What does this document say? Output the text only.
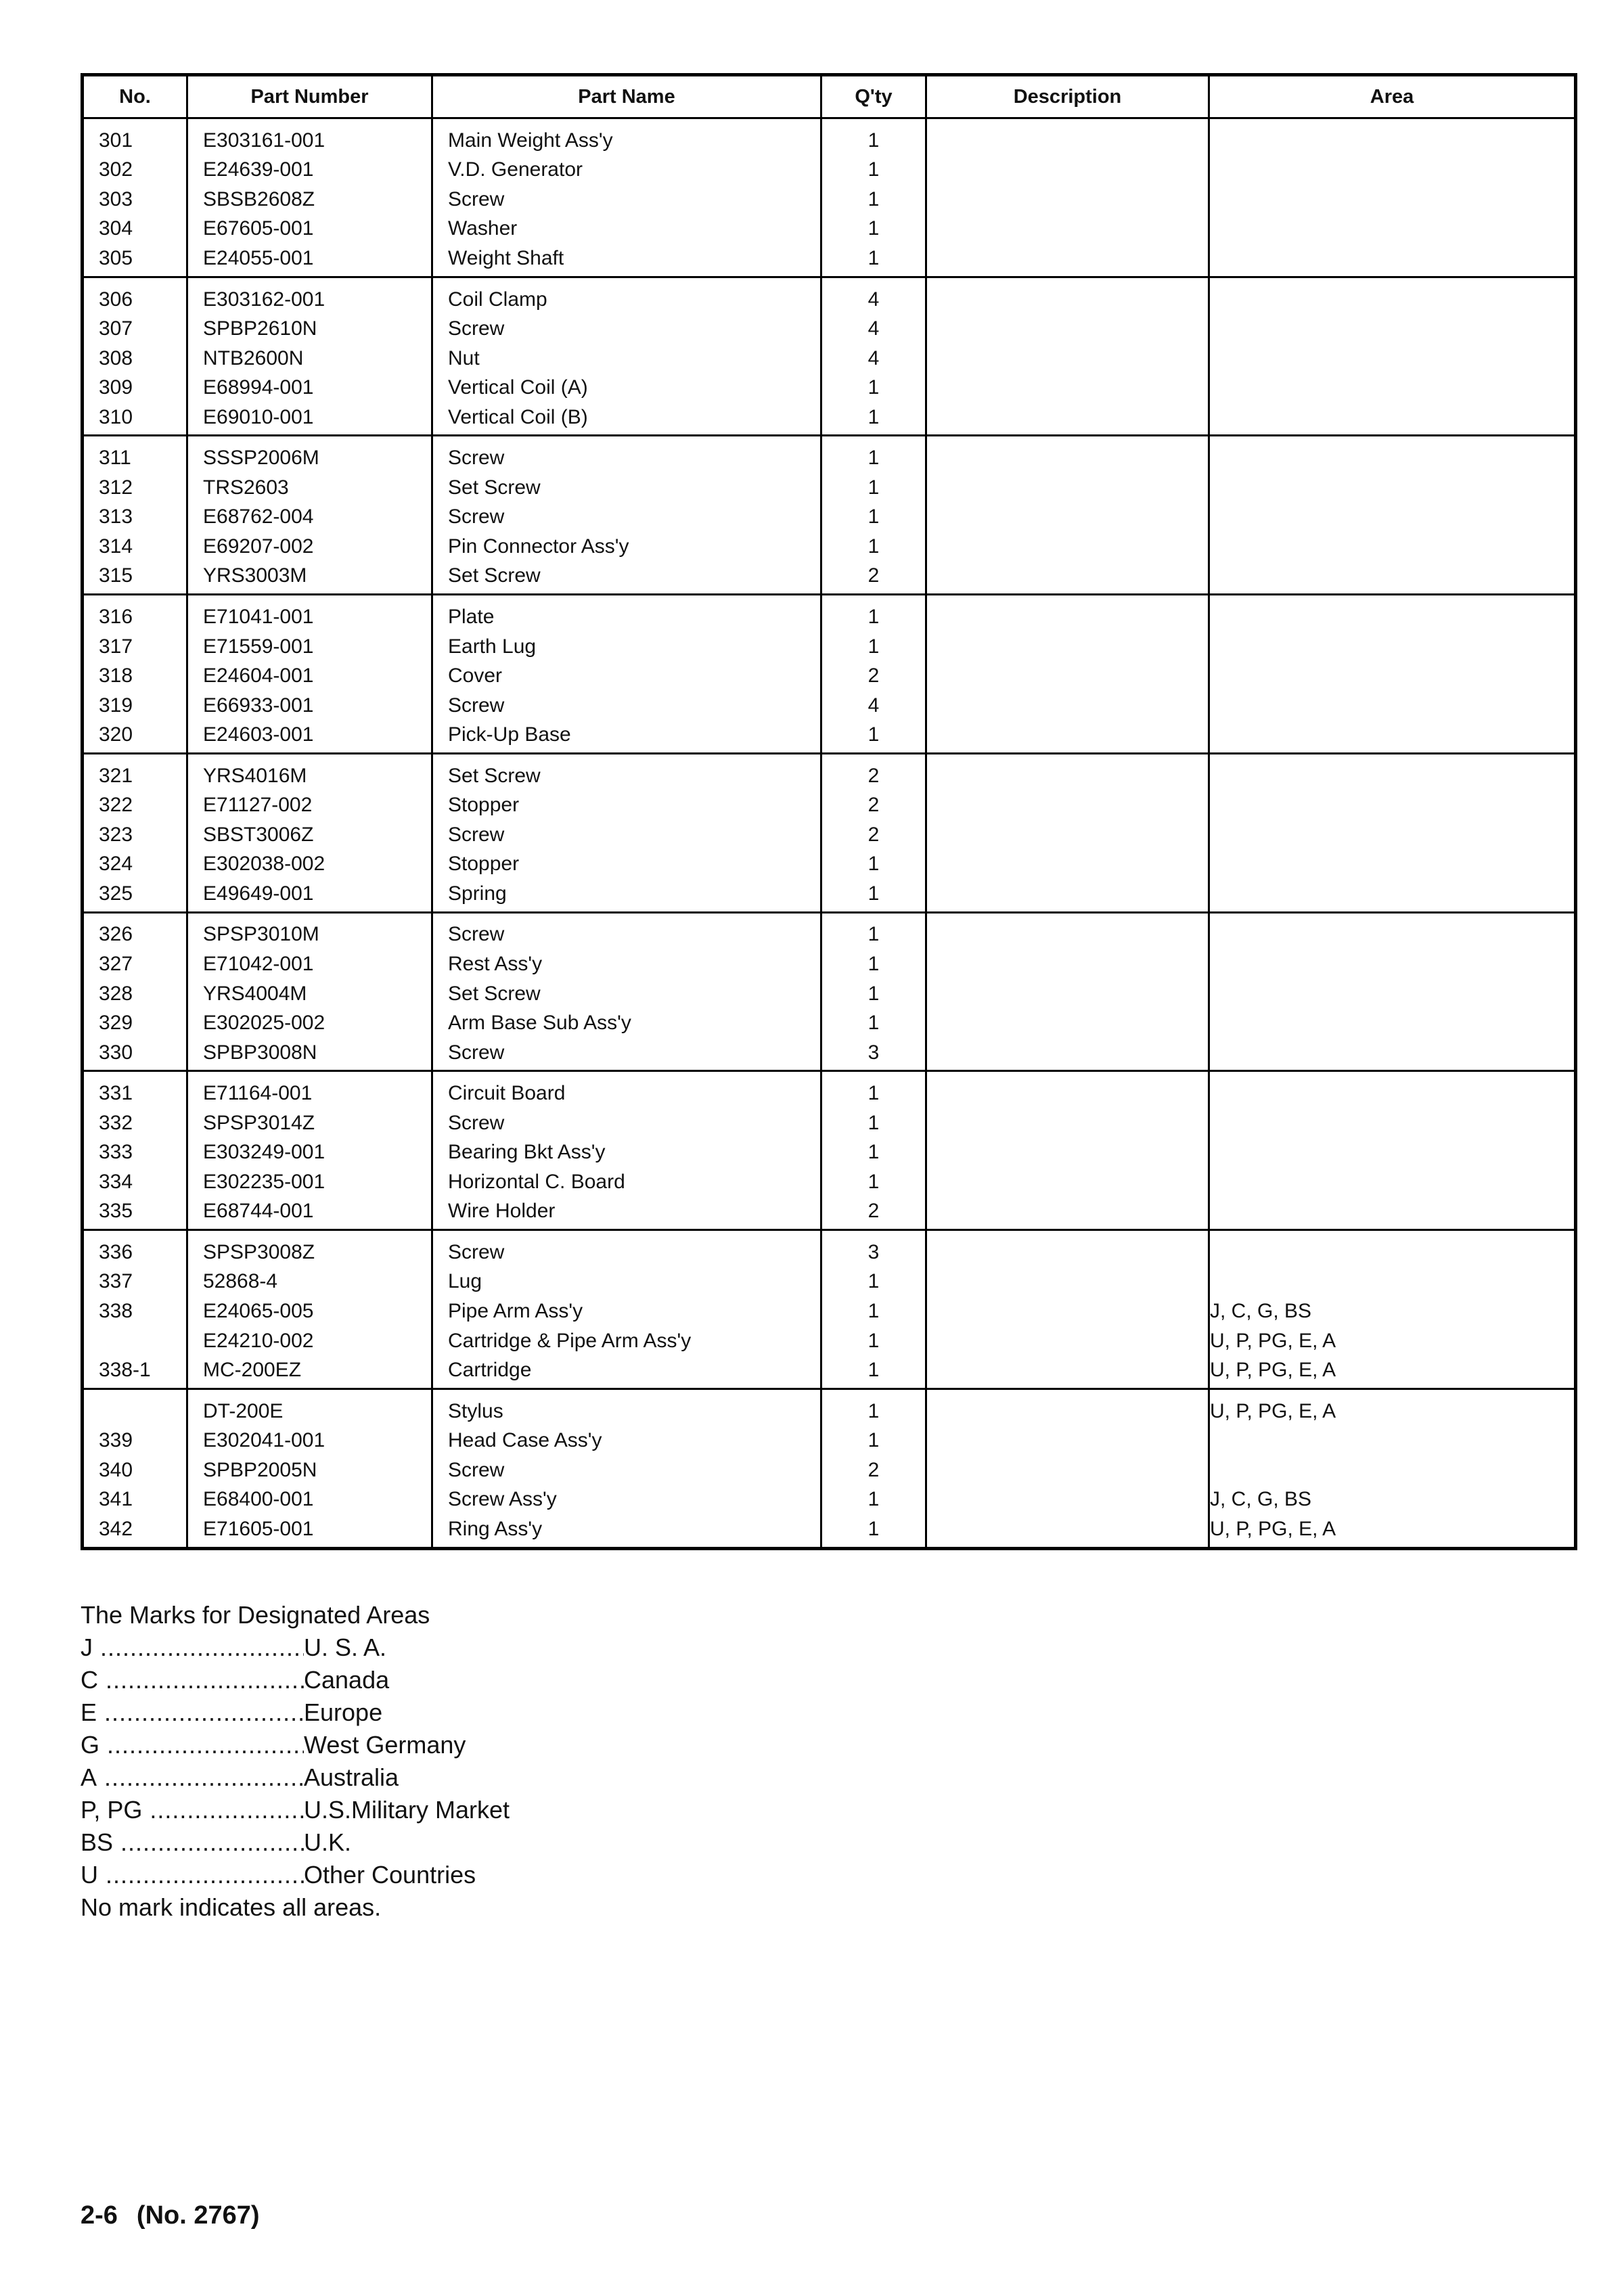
No.	Part Number	Part Name	Q'ty	Description	Area
301	E303161-001	Main Weight Ass'y	1		
302	E24639-001	V.D. Generator	1		
303	SBSB2608Z	Screw	1		
304	E67605-001	Washer	1		
305	E24055-001	Weight Shaft	1		
306	E303162-001	Coil Clamp	4		
307	SPBP2610N	Screw	4		
308	NTB2600N	Nut	4		
309	E68994-001	Vertical Coil (A)	1		
310	E69010-001	Vertical Coil (B)	1		
311	SSSP2006M	Screw	1		
312	TRS2603	Set Screw	1		
313	E68762-004	Screw	1		
314	E69207-002	Pin Connector Ass'y	1		
315	YRS3003M	Set Screw	2		
316	E71041-001	Plate	1		
317	E71559-001	Earth Lug	1		
318	E24604-001	Cover	2		
319	E66933-001	Screw	4		
320	E24603-001	Pick-Up Base	1		
321	YRS4016M	Set Screw	2		
322	E71127-002	Stopper	2		
323	SBST3006Z	Screw	2		
324	E302038-002	Stopper	1		
325	E49649-001	Spring	1		
326	SPSP3010M	Screw	1		
327	E71042-001	Rest Ass'y	1		
328	YRS4004M	Set Screw	1		
329	E302025-002	Arm Base Sub Ass'y	1		
330	SPBP3008N	Screw	3		
331	E71164-001	Circuit Board	1		
332	SPSP3014Z	Screw	1		
333	E303249-001	Bearing Bkt Ass'y	1		
334	E302235-001	Horizontal C. Board	1		
335	E68744-001	Wire Holder	2		
336	SPSP3008Z	Screw	3		
337	52868-4	Lug	1		
338	E24065-005	Pipe Arm Ass'y	1		J, C, G, BS
	E24210-002	Cartridge & Pipe Arm Ass'y	1		U, P, PG, E, A
338-1	MC-200EZ	Cartridge	1		U, P, PG, E, A
	DT-200E	Stylus	1		U, P, PG, E, A
339	E302041-001	Head Case Ass'y	1		
340	SPBP2005N	Screw	2		
341	E68400-001	Screw Ass'y	1		J, C, G, BS
342	E71605-001	Ring Ass'y	1		U, P, PG, E, A
The Marks for Designated Areas
J .....	U. S. A.
C .....	Canada
E .....	Europe
G .....	West Germany
A .....	Australia
P, PG .....	U.S.Military Market
BS .....	U.K.
U .....	Other Countries
No mark indicates all areas.
2-6 (No. 2767)
